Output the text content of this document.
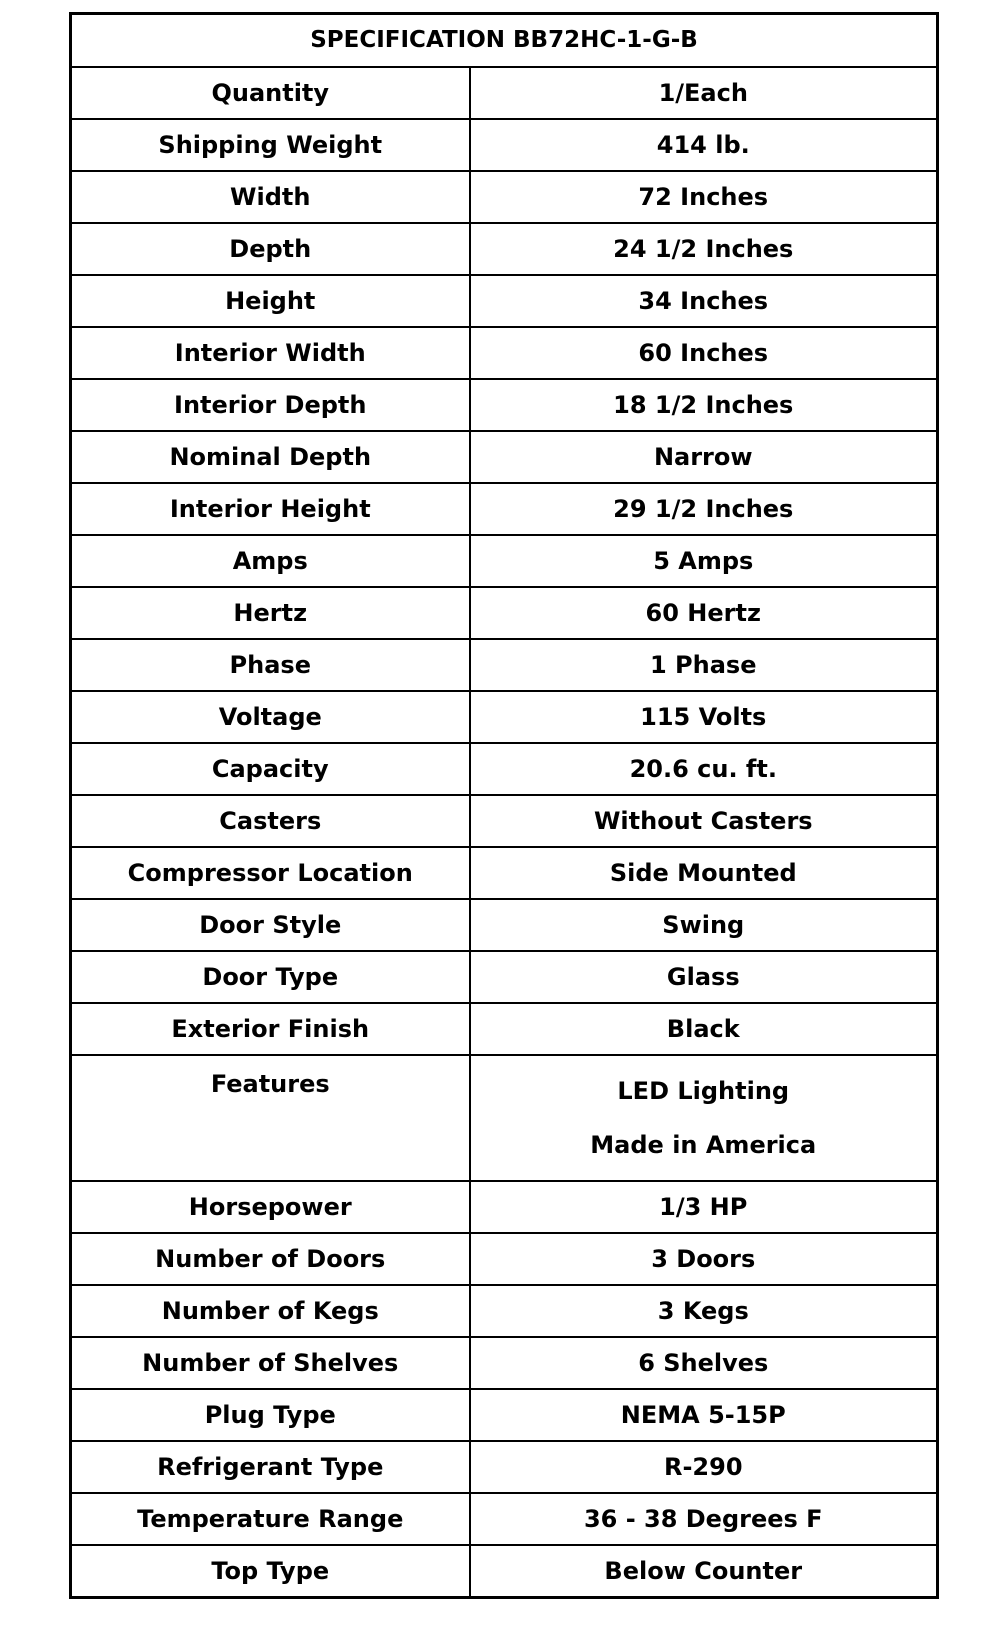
SPECIFICATION BB72HC-1-G-B	
Quantity	1/Each
Shipping Weight	414 lb.
Width	72 Inches
Depth	24 1/2 Inches
Height	34 Inches
Interior Width	60 Inches
Interior Depth	18 1/2 Inches
Nominal Depth	Narrow
Interior Height	29 1/2 Inches
Amps	5 Amps
Hertz	60 Hertz
Phase	1 Phase
Voltage	115 Volts
Capacity	20.6 cu. ft.
Casters	Without Casters
Compressor Location	Side Mounted
Door Style	Swing
Door Type	Glass
Exterior Finish	Black
Features	LED Lighting
Made in America

Horsepower	1/3 HP
Number of Doors	3 Doors
Number of Kegs	3 Kegs
Number of Shelves	6 Shelves
Plug Type	NEMA 5-15P
Refrigerant Type	R-290
Temperature Range	36 - 38 Degrees F
Top Type	Below Counter
